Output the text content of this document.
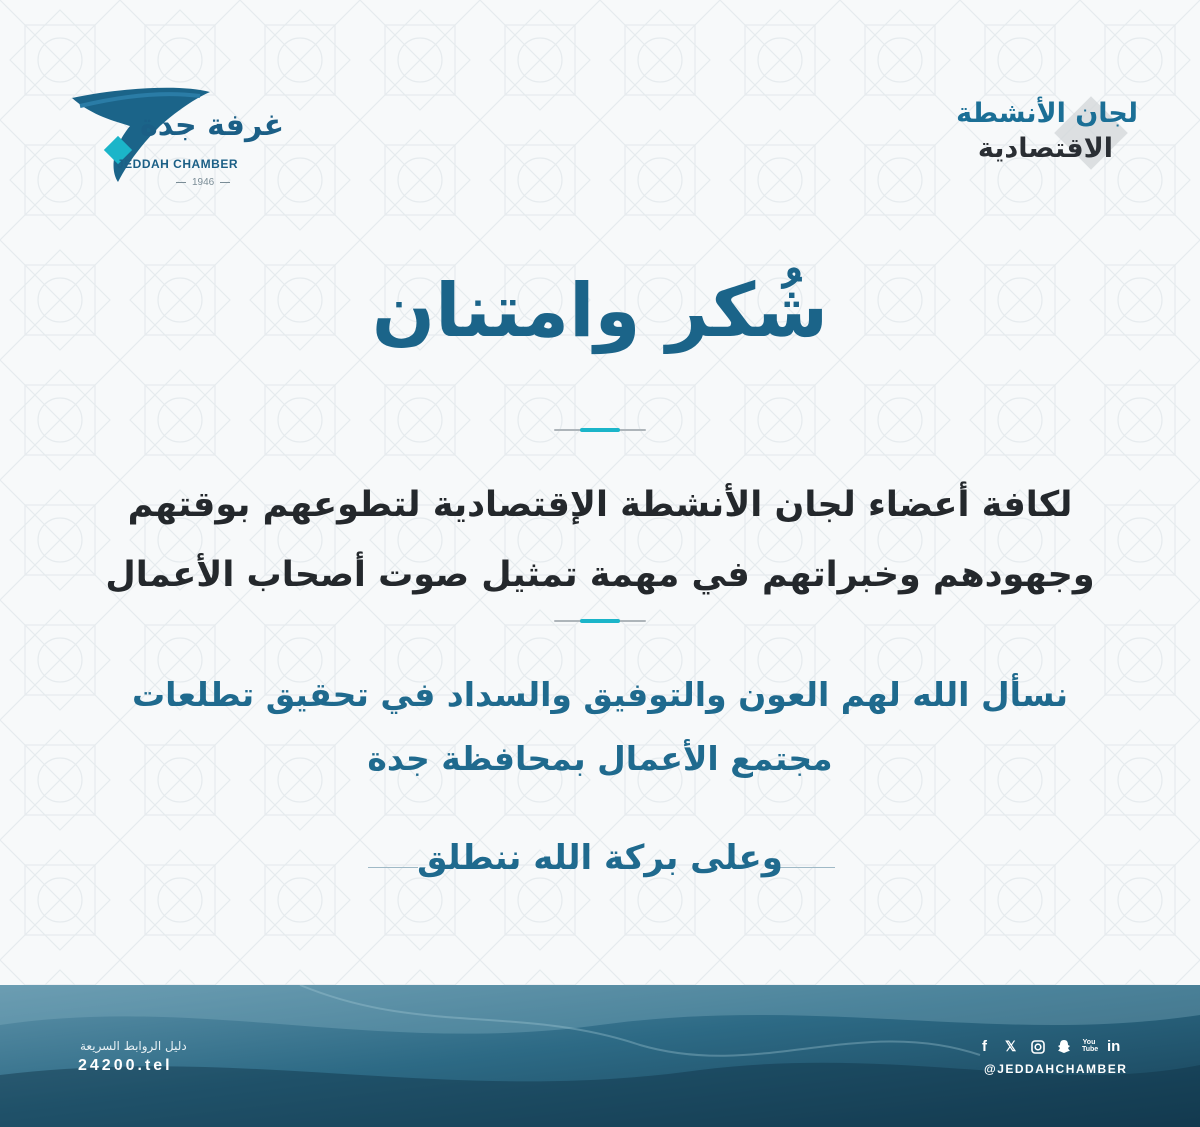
غرفة جدة
JEDDAH CHAMBER
1946
لجان الأنشطة
الاقتصادية
شُكر وامتنان
لكافة أعضاء لجان الأنشطة الإقتصادية لتطوعهم بوقتهم
وجهودهم وخبراتهم في مهمة تمثيل صوت أصحاب الأعمال
نسأل الله لهم العون والتوفيق والسداد في تحقيق تطلعات
مجتمع الأعمال بمحافظة جدة
وعلى بركة الله ننطلق
دليل الروابط السريعة
24200.tel
f 𝕏	You Tube in
@JEDDAHCHAMBER
